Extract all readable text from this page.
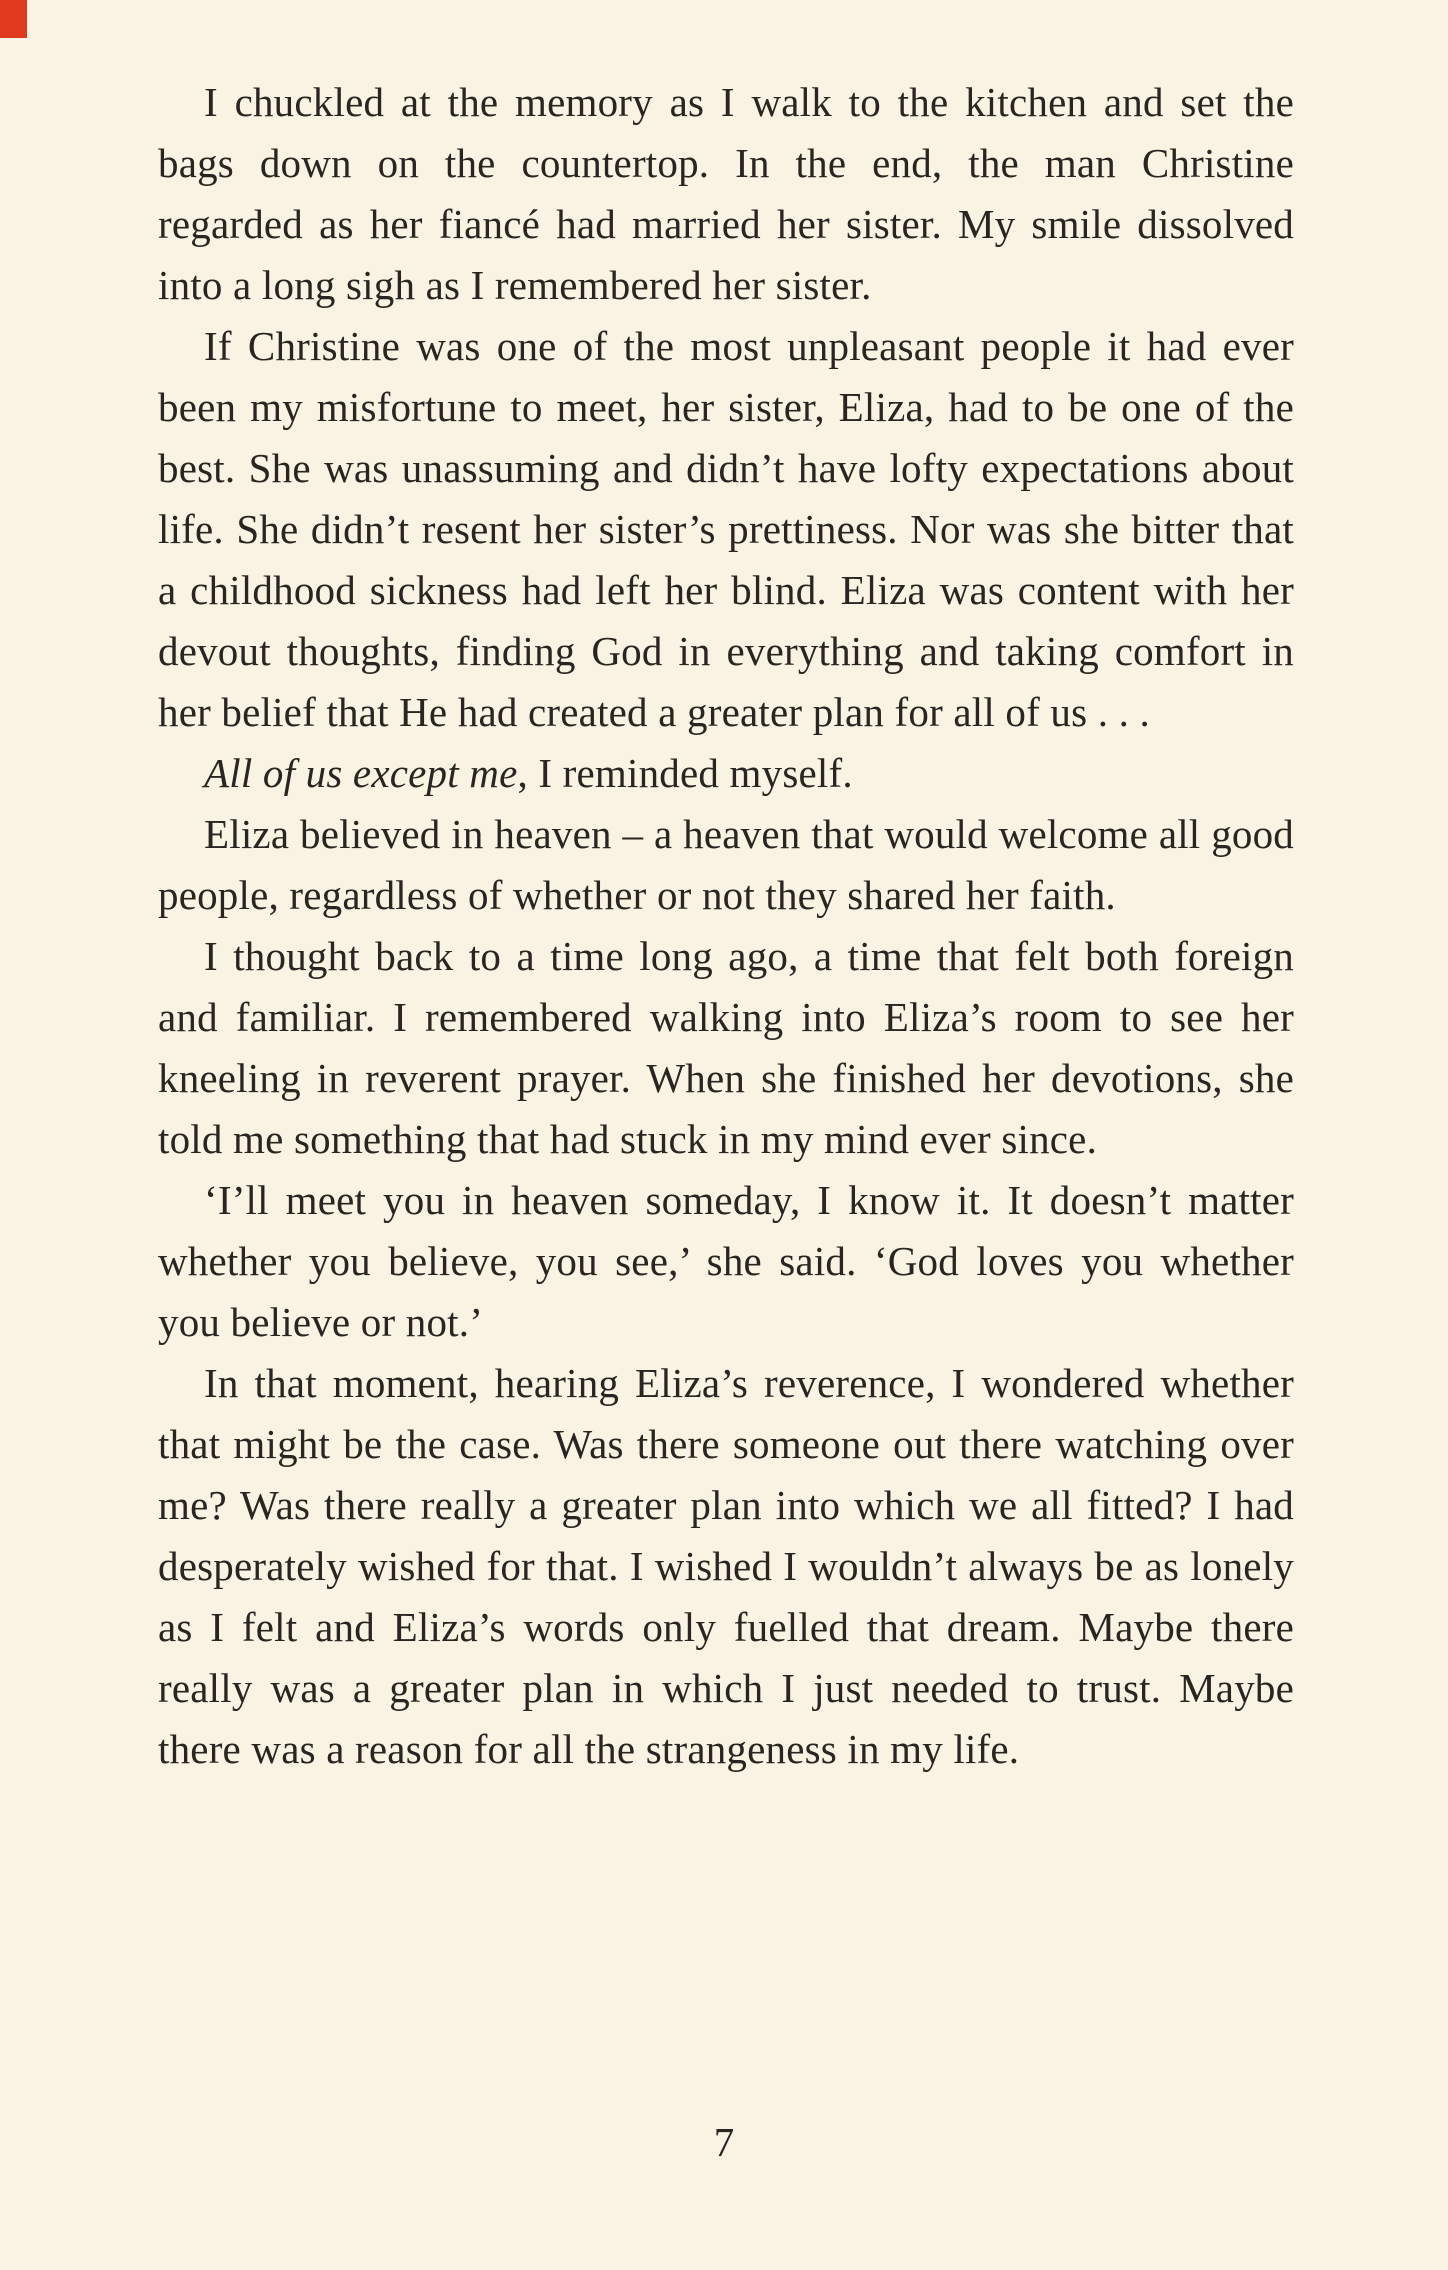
I chuckled at the memory as I walk to the kitchen and set the bags down on the countertop. In the end, the man Christine regarded as her fiancé had married her sister. My smile dissolved into a long sigh as I remembered her sister.

If Christine was one of the most unpleasant people it had ever been my misfortune to meet, her sister, Eliza, had to be one of the best. She was unassuming and didn’t have lofty expectations about life. She didn’t resent her sister’s prettiness. Nor was she bitter that a childhood sickness had left her blind. Eliza was content with her devout thoughts, finding God in everything and taking comfort in her belief that He had created a greater plan for all of us . . .

All of us except me, I reminded myself.

Eliza believed in heaven – a heaven that would welcome all good people, regardless of whether or not they shared her faith.

I thought back to a time long ago, a time that felt both foreign and familiar. I remembered walking into Eliza’s room to see her kneeling in reverent prayer. When she finished her devotions, she told me something that had stuck in my mind ever since.

‘I’ll meet you in heaven someday, I know it. It doesn’t matter whether you believe, you see,’ she said. ‘God loves you whether you believe or not.’

In that moment, hearing Eliza’s reverence, I wondered whether that might be the case. Was there someone out there watching over me? Was there really a greater plan into which we all fitted? I had desperately wished for that. I wished I wouldn’t always be as lonely as I felt and Eliza’s words only fuelled that dream. Maybe there really was a greater plan in which I just needed to trust. Maybe there was a reason for all the strangeness in my life.

7
